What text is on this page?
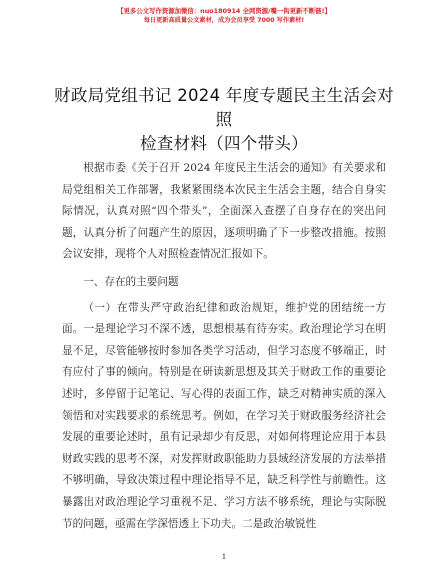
【更多公文写作资源加微信：nuo180914 全网资源/嘴一钩更新不断链!】
每日更新高质量公文素材，成为会员享受 7000 写作素材!
财政局党组书记 2024 年度专题民主生活会对照
检查材料（四个带头）

根据市委《关于召开 2024 年度民主生活会的通知》有关要求和局党组相关工作部署，我紧紧围绕本次民主生活会主题，结合自身实际情况，认真对照“四个带头”，全面深入查摆了自身存在的突出问题，认真分析了问题产生的原因，逐项明确了下一步整改措施。按照会议安排，现将个人对照检查情况汇报如下。

一、存在的主要问题

（一）在带头严守政治纪律和政治规矩，维护党的团结统一方面。一是理论学习不深不透，思想根基有待夯实。政治理论学习在明显不足，尽管能够按时参加各类学习活动，但学习态度不够端正，时有应付了事的倾向。特别是在研读新思想及其关于财政工作的重要论述时，多停留于记笔记、写心得的表面工作，缺乏对精神实质的深入领悟和对实践要求的系统思考。例如，在学习关于财政服务经济社会发展的重要论述时，虽有记录却少有反思，对如何将理论应用于本县财政实践的思考不深，对发挥财政职能助力县域经济发展的方法举措不够明确，导致决策过程中理论指导不足，缺乏科学性与前瞻性。这暴露出对政治理论学习重视不足、学习方法不够系统，理论与实际脱节的问题，亟需在学深悟透上下功夫。二是政治敏锐性

1
